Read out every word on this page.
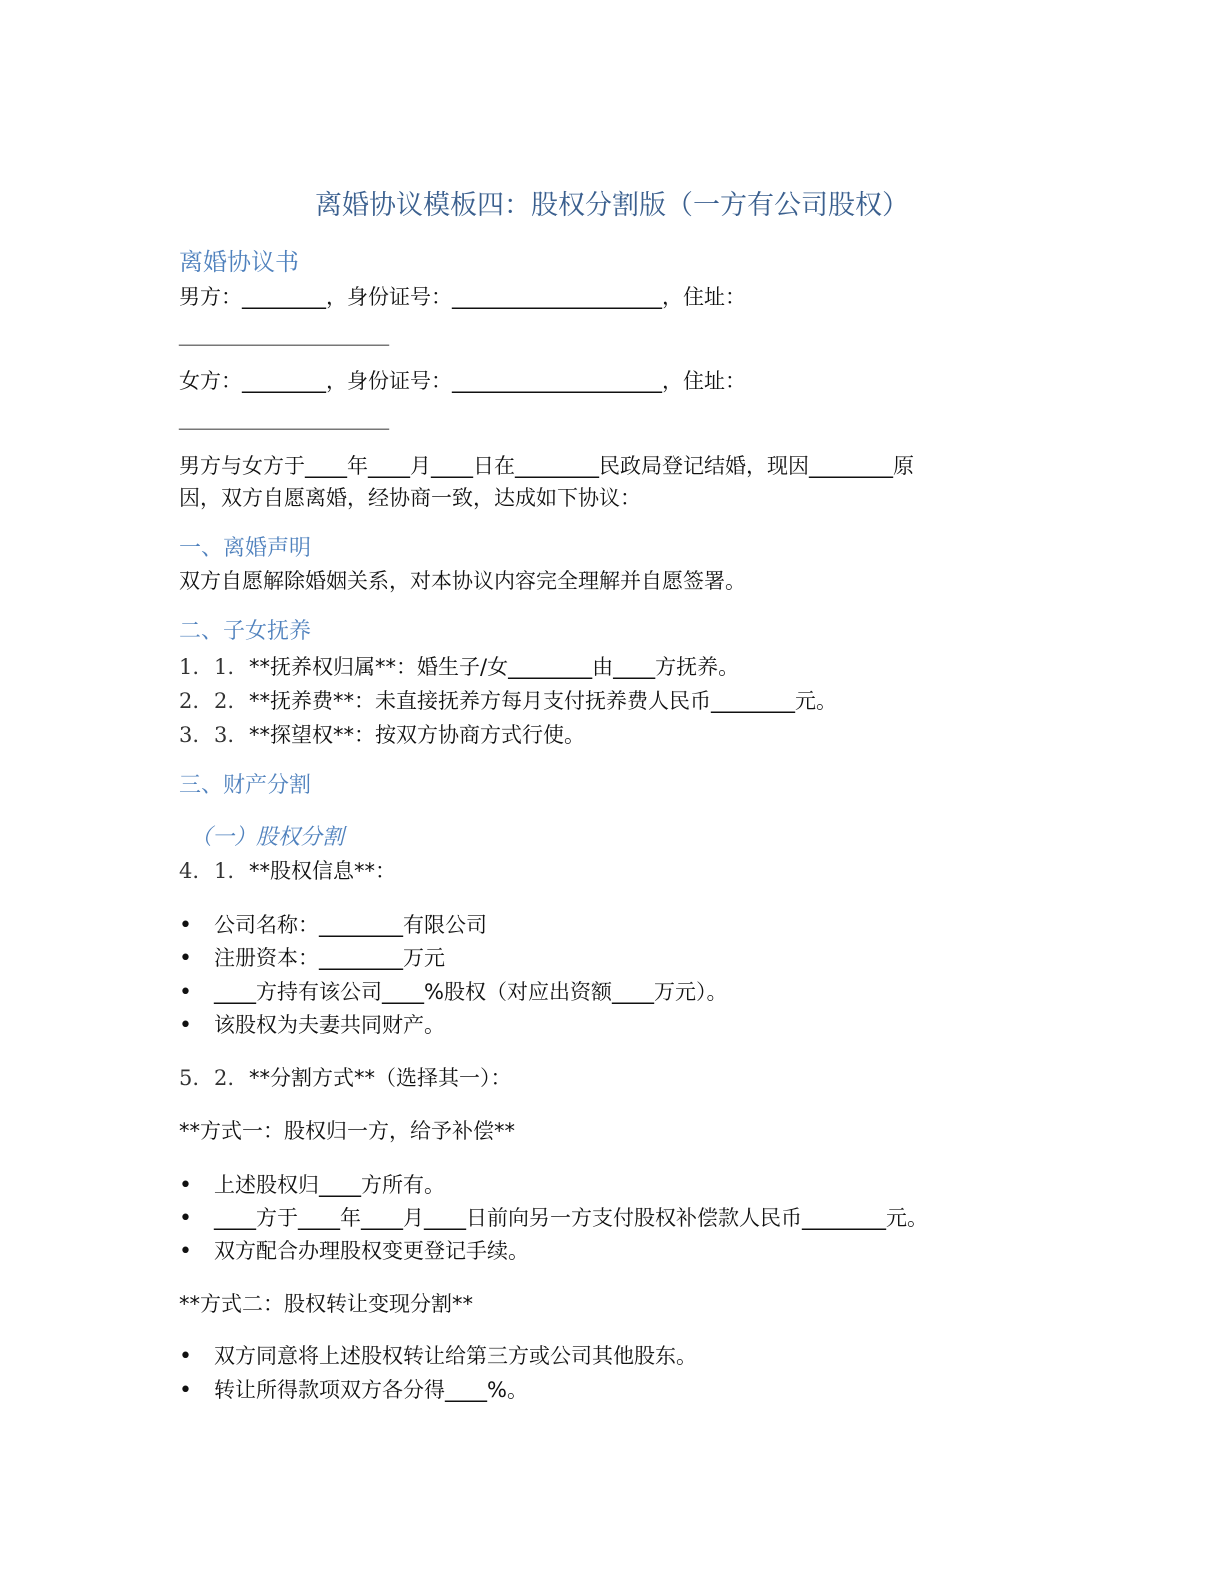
离婚协议模板四：股权分割版（一方有公司股权）
离婚协议书
男方：________，身份证号：____________________，住址：
____________________
女方：________，身份证号：____________________，住址：
____________________
男方与女方于____年____月____日在________民政局登记结婚，现因________原
因，双方自愿离婚，经协商一致，达成如下协议：
一、离婚声明
双方自愿解除婚姻关系，对本协议内容完全理解并自愿签署。
二、子女抚养
1. 1. **抚养权归属**：婚生子/女________由____方抚养。
2. 2. **抚养费**：未直接抚养方每月支付抚养费人民币________元。
3. 3. **探望权**：按双方协商方式行使。
三、财产分割
（一）股权分割
4. 1. **股权信息**：
• 公司名称：________有限公司
• 注册资本：________万元
• ____方持有该公司____%股权（对应出资额____万元）。
• 该股权为夫妻共同财产。
5. 2. **分割方式**（选择其一）：
**方式一：股权归一方，给予补偿**
• 上述股权归____方所有。
• ____方于____年____月____日前向另一方支付股权补偿款人民币________元。
• 双方配合办理股权变更登记手续。
**方式二：股权转让变现分割**
• 双方同意将上述股权转让给第三方或公司其他股东。
• 转让所得款项双方各分得____%。
